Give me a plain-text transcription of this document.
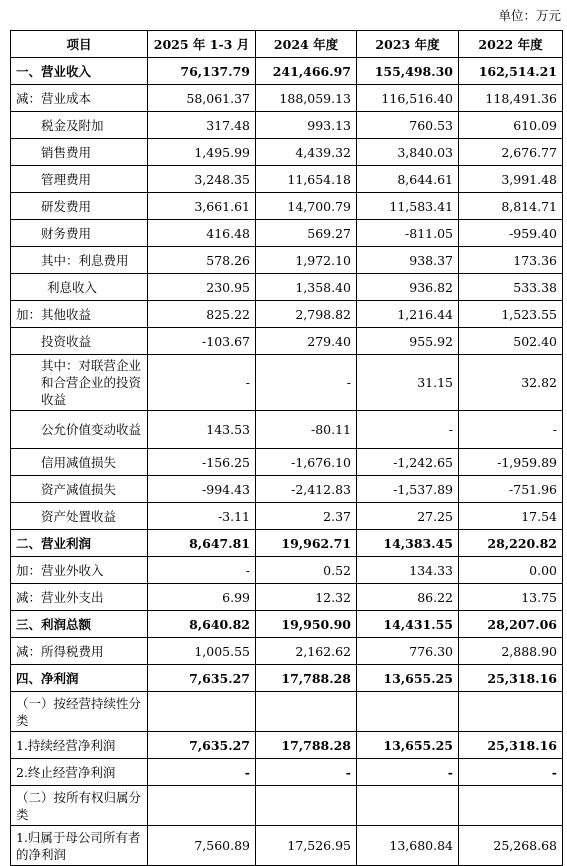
单位：万元
项目	2025 年 1-3 月	2024 年度	2023 年度	2022 年度
一、营业收入	76,137.79	241,466.97	155,498.30	162,514.21
减：营业成本	58,061.37	188,059.13	116,516.40	118,491.36
税金及附加	317.48	993.13	760.53	610.09
销售费用	1,495.99	4,439.32	3,840.03	2,676.77
管理费用	3,248.35	11,654.18	8,644.61	3,991.48
研发费用	3,661.61	14,700.79	11,583.41	8,814.71
财务费用	416.48	569.27	-811.05	-959.40
其中：利息费用	578.26	1,972.10	938.37	173.36
利息收入	230.95	1,358.40	936.82	533.38
加：其他收益	825.22	2,798.82	1,216.44	1,523.55
投资收益	-103.67	279.40	955.92	502.40
其中：对联营企业和合营企业的投资收益	-	-	31.15	32.82
公允价值变动收益	143.53	-80.11	-	-
信用减值损失	-156.25	-1,676.10	-1,242.65	-1,959.89
资产减值损失	-994.43	-2,412.83	-1,537.89	-751.96
资产处置收益	-3.11	2.37	27.25	17.54
二、营业利润	8,647.81	19,962.71	14,383.45	28,220.82
加：营业外收入	-	0.52	134.33	0.00
减：营业外支出	6.99	12.32	86.22	13.75
三、利润总额	8,640.82	19,950.90	14,431.55	28,207.06
减：所得税费用	1,005.55	2,162.62	776.30	2,888.90
四、净利润	7,635.27	17,788.28	13,655.25	25,318.16
（一）按经营持续性分类				
1.持续经营净利润	7,635.27	17,788.28	13,655.25	25,318.16
2.终止经营净利润	-	-	-	-
（二）按所有权归属分类				
1.归属于母公司所有者的净利润	7,560.89	17,526.95	13,680.84	25,268.68
